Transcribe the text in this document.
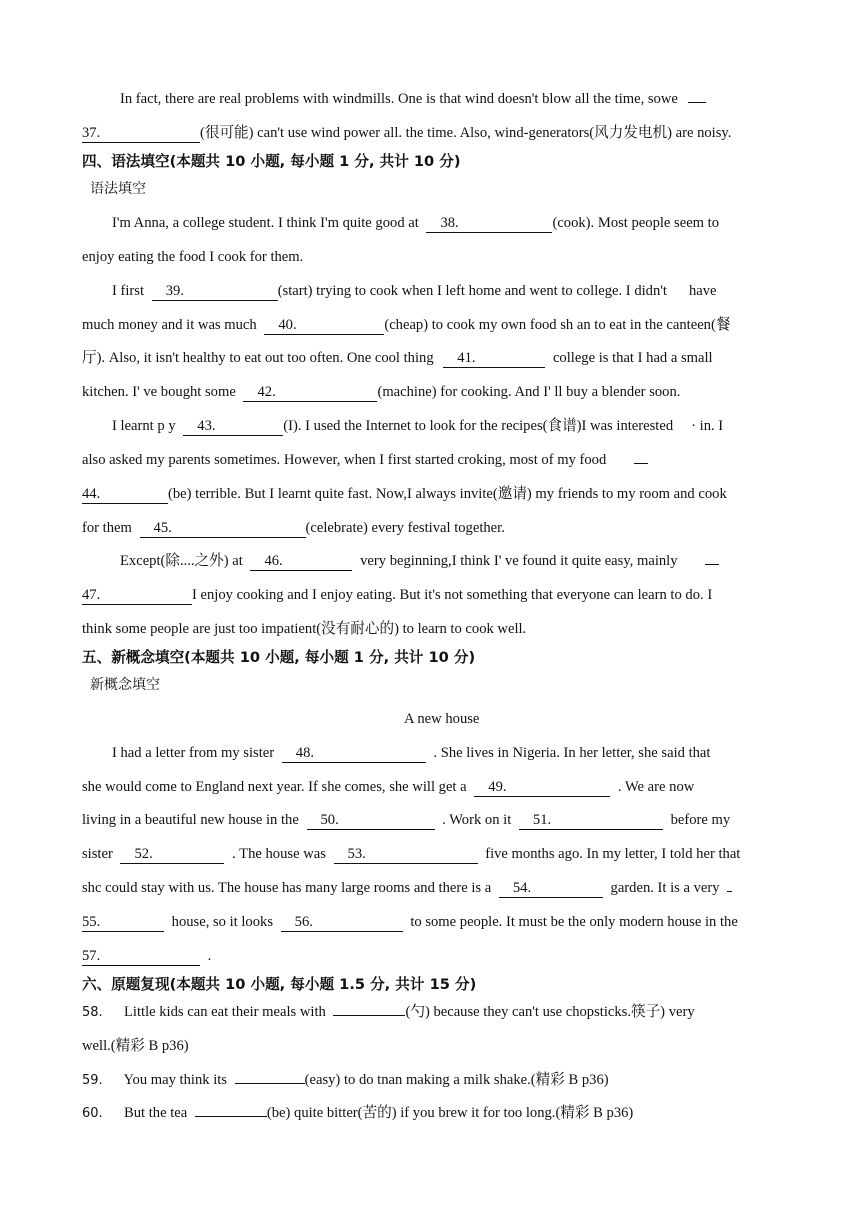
In fact, there are real problems with windmills. One is that wind doesn't blow all the time, sowe
37.	(很可能) can't use wind power all. the time. Also, wind-generators(风力发电机) are noisy.
四、语法填空(本题共 10 小题, 每小题 1 分, 共计 10 分)
语法填空
I'm Anna, a college student. I think I'm quite good at 38.	(cook). Most people seem to
enjoy eating the food I cook for them.
I first 39.	(start) trying to cook when I left home and went to college. I didn't have
much money and it was much 40.	(cheap) to cook my own food sh an to eat in the canteen(餐
厅). Also, it isn't healthy to eat out too often. One cool thing 41.	college is that I had a small
kitchen. I' ve bought some 42.	(machine) for cooking. And I' ll buy a blender soon.
I learnt p y 43.	(I). I used the Internet to look for the recipes(食谱)I was interested · in. I
also asked my parents sometimes. However, when I first started croking, most of my food
44.	(be) terrible. But I learnt quite fast. Now,I always invite(邀请) my friends to my room and cook
for them 45.	(celebrate) every festival together.
Except(除....之外) at 46.	very beginning,I think I' ve found it quite easy, mainly
47.	I enjoy cooking and I enjoy eating. But it's not something that everyone can learn to do. I
think some people are just too impatient(没有耐心的) to learn to cook well.
五、新概念填空(本题共 10 小题, 每小题 1 分, 共计 10 分)
新概念填空
A new house
I had a letter from my sister 48.	. She lives in Nigeria. In her letter, she said that
she would come to England next year. If she comes, she will get a 49.	. We are now
living in a beautiful new house in the 50.	. Work on it 51.	before my
sister 52.	. The house was 53.	five months ago. In my letter, I told her that
shc could stay with us. The house has many large rooms and there is a 54.	garden. It is a very
55.	house, so it looks 56.	to some people. It must be the only modern house in the
57.	.
六、原题复现(本题共 10 小题, 每小题 1.5 分, 共计 15 分)
58. Little kids can eat their meals with	(勺) because they can't use chopsticks.筷子) very
well.(精彩 B p36)
59. You may think its	(easy) to do tnan making a milk shake.(精彩 B p36)
60. But the tea	(be) quite bitter(苦的) if you brew it for too long.(精彩 B p36)
